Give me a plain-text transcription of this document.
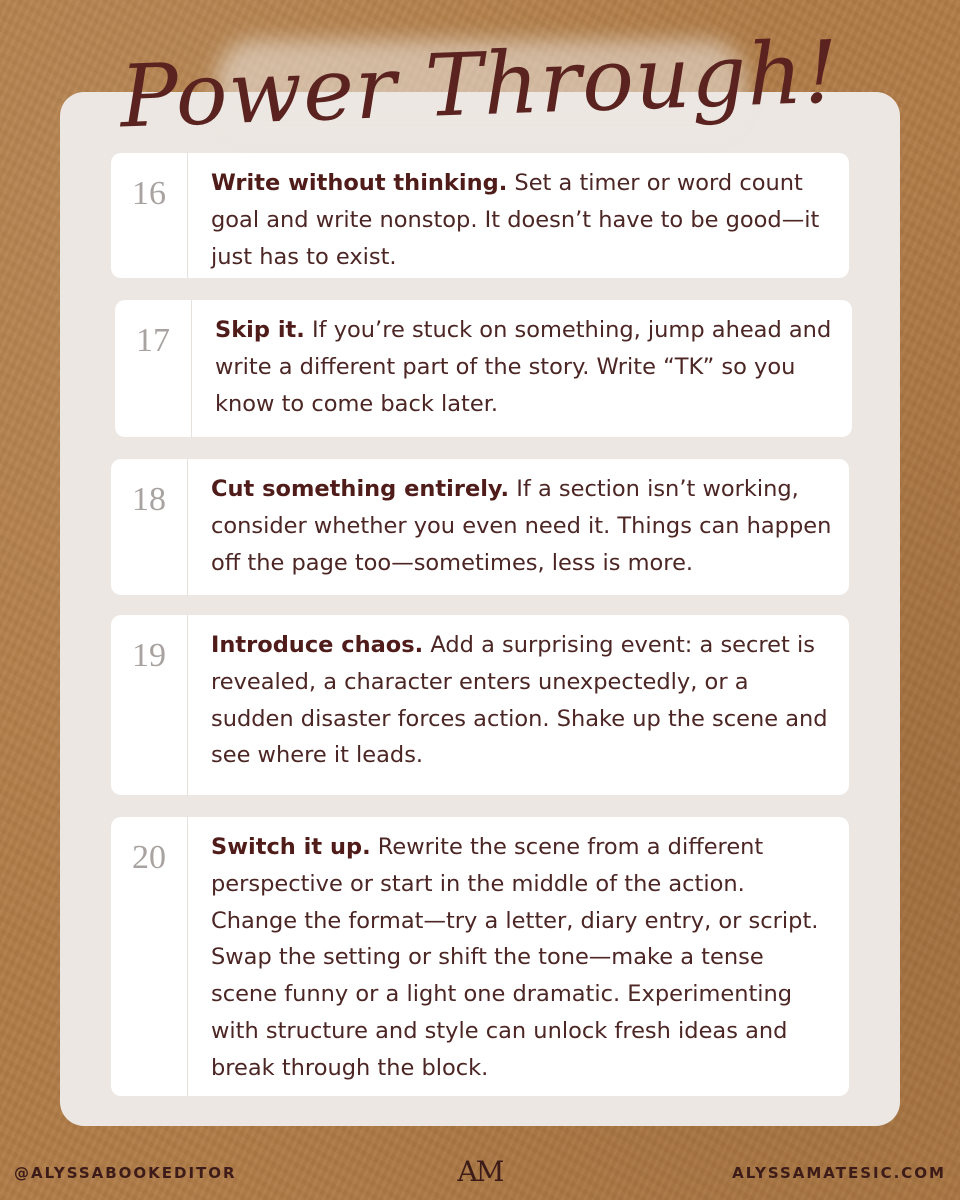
Power Through!
16	Write without thinking. Set a timer or word count goal and write nonstop. It doesn’t have to be good—it just has to exist.

17	Skip it. If you’re stuck on something, jump ahead and write a different part of the story. Write “TK” so you know to come back later.

18	Cut something entirely. If a section isn’t working, consider whether you even need it. Things can happen off the page too—sometimes, less is more.

19	Introduce chaos. Add a surprising event: a secret is revealed, a character enters unexpectedly, or a sudden disaster forces action. Shake up the scene and see where it leads.

20	Switch it up. Rewrite the scene from a different perspective or start in the middle of the action. Change the format—try a letter, diary entry, or script. Swap the setting or shift the tone—make a tense scene funny or a light one dramatic. Experimenting with structure and style can unlock fresh ideas and break through the block.

@ALYSSABOOKEDITOR	AM	ALYSSAMATESIC.COM
